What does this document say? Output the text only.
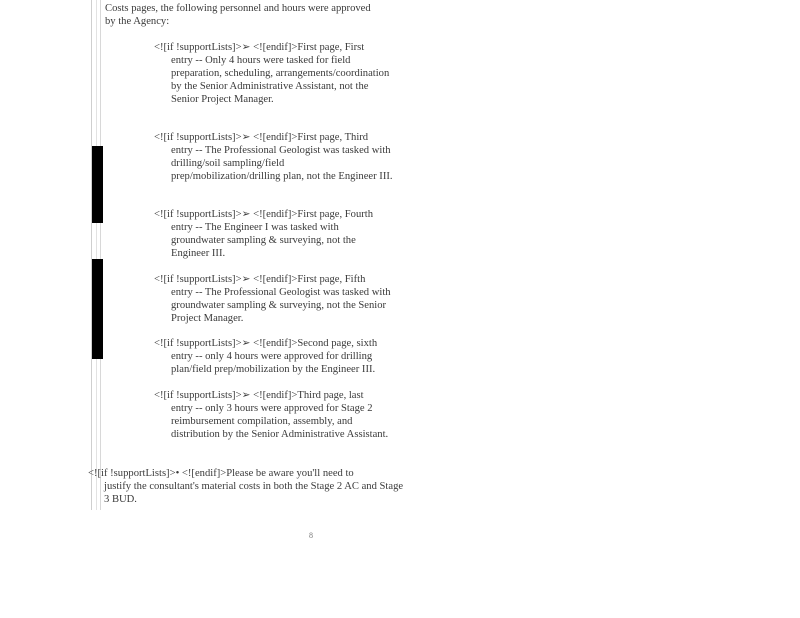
Costs pages, the following personnel and hours were approved
by the Agency:

<![if !supportLists]>➢ <![endif]>First page, First
entry -- Only 4 hours were tasked for field preparation, scheduling, arrangements/coordination by the Senior Administrative Assistant, not the Senior Project Manager.
<![if !supportLists]>➢ <![endif]>First page, Third
entry -- The Professional Geologist was tasked with drilling/soil sampling/field prep/mobilization/drilling plan, not the Engineer III.
<![if !supportLists]>➢ <![endif]>First page, Fourth
entry -- The Engineer I was tasked with groundwater sampling & surveying, not the Engineer III.
<![if !supportLists]>➢ <![endif]>First page, Fifth
entry -- The Professional Geologist was tasked with groundwater sampling & surveying, not the Senior Project Manager.
<![if !supportLists]>➢ <![endif]>Second page, sixth
entry -- only 4 hours were approved for drilling plan/field prep/mobilization by the Engineer III.
<![if !supportLists]>➢ <![endif]>Third page, last
entry -- only 3 hours were approved for Stage 2 reimbursement compilation, assembly, and distribution by the Senior Administrative Assistant.
<![if !supportLists]>• <![endif]>Please be aware you'll need to
justify the consultant's material costs in both the Stage 2 AC and Stage 3 BUD.
8
